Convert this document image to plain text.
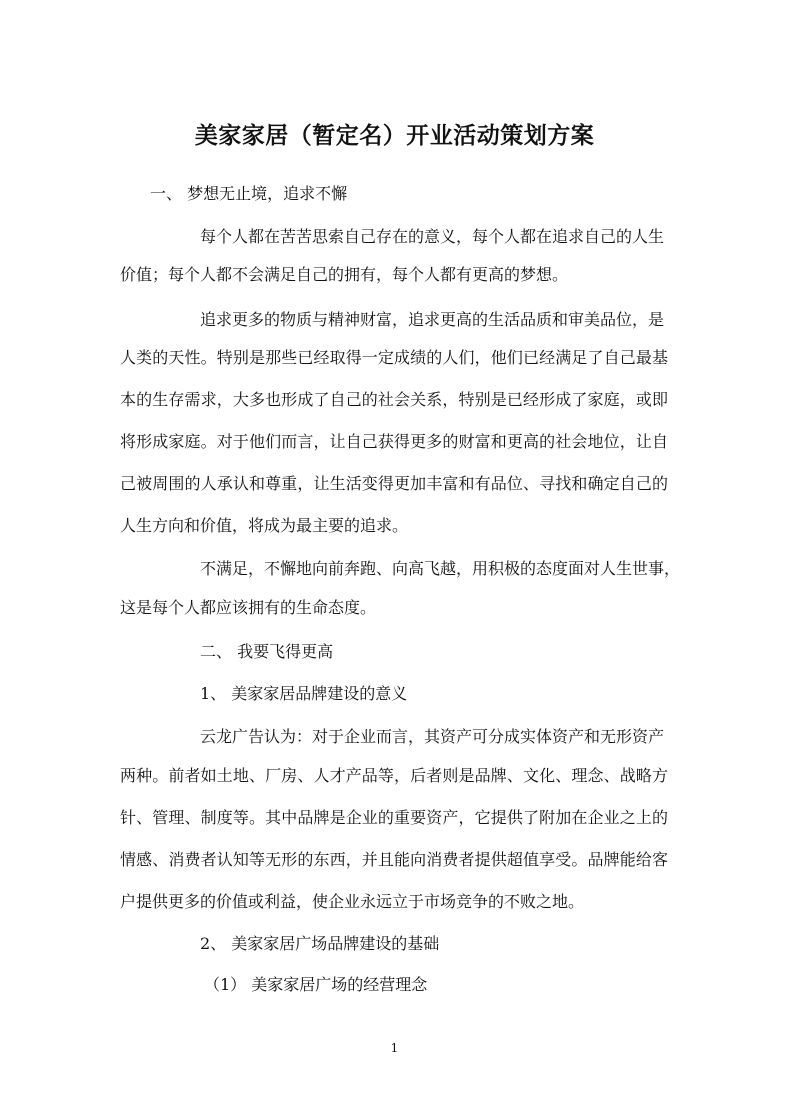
美家家居（暂定名）开业活动策划方案
一、 梦想无止境，追求不懈
每个人都在苦苦思索自己存在的意义，每个人都在追求自己的人生
价值；每个人都不会满足自己的拥有，每个人都有更高的梦想。
追求更多的物质与精神财富，追求更高的生活品质和审美品位，是
人类的天性。特别是那些已经取得一定成绩的人们，他们已经满足了自己最基
本的生存需求，大多也形成了自己的社会关系，特别是已经形成了家庭，或即
将形成家庭。对于他们而言，让自己获得更多的财富和更高的社会地位，让自
己被周围的人承认和尊重，让生活变得更加丰富和有品位、寻找和确定自己的
人生方向和价值，将成为最主要的追求。
不满足，不懈地向前奔跑、向高飞越，用积极的态度面对人生世事，
这是每个人都应该拥有的生命态度。
二、 我要飞得更高
1、 美家家居品牌建设的意义
云龙广告认为：对于企业而言，其资产可分成实体资产和无形资产
两种。前者如土地、厂房、人才产品等，后者则是品牌、文化、理念、战略方
针、管理、制度等。其中品牌是企业的重要资产，它提供了附加在企业之上的
情感、消费者认知等无形的东西，并且能向消费者提供超值享受。品牌能给客
户提供更多的价值或利益，使企业永远立于市场竞争的不败之地。
2、 美家家居广场品牌建设的基础
（1） 美家家居广场的经营理念
1
